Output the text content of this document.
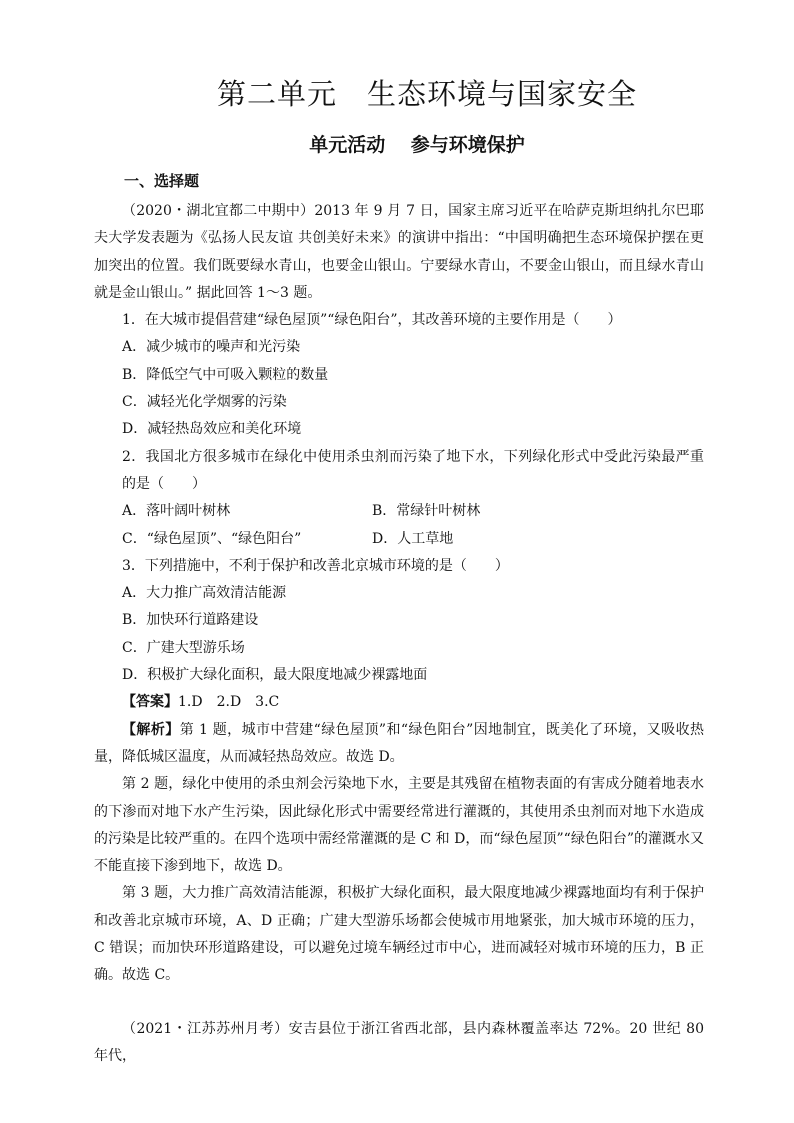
第二单元　生态环境与国家安全
单元活动　 参与环境保护
一、选择题

（2020・湖北宜都二中期中）2013 年 9 月 7 日，国家主席习近平在哈萨克斯坦纳扎尔巴耶夫大学发表题为《弘扬人民友谊 共创美好未来》的演讲中指出：“中国明确把生态环境保护摆在更加突出的位置。我们既要绿水青山，也要金山银山。宁要绿水青山，不要金山银山，而且绿水青山就是金山银山。” 据此回答 1～3 题。

1．在大城市提倡营建“绿色屋顶”“绿色阳台”，其改善环境的主要作用是（　　）

A．减少城市的噪声和光污染

B．降低空气中可吸入颗粒的数量

C．减轻光化学烟雾的污染

D．减轻热岛效应和美化环境

2．我国北方很多城市在绿化中使用杀虫剂而污染了地下水，下列绿化形式中受此污染最严重的是（　　）

A．落叶阔叶树林	B．常绿针叶树林
C．“绿色屋顶”、“绿色阳台”	D．人工草地

3．下列措施中，不利于保护和改善北京城市环境的是（　　）

A．大力推广高效清洁能源

B．加快环行道路建设

C．广建大型游乐场

D．积极扩大绿化面积，最大限度地减少裸露地面

【答案】1.D　2.D　3.C

【解析】第 1 题，城市中营建“绿色屋顶”和“绿色阳台”因地制宜，既美化了环境，又吸收热量，降低城区温度，从而减轻热岛效应。故选 D。

第 2 题，绿化中使用的杀虫剂会污染地下水，主要是其残留在植物表面的有害成分随着地表水的下渗而对地下水产生污染，因此绿化形式中需要经常进行灌溉的，其使用杀虫剂而对地下水造成的污染是比较严重的。在四个选项中需经常灌溉的是 C 和 D，而“绿色屋顶”“绿色阳台”的灌溉水又不能直接下渗到地下，故选 D。

第 3 题，大力推广高效清洁能源，积极扩大绿化面积，最大限度地减少裸露地面均有利于保护和改善北京城市环境，A、D 正确；广建大型游乐场都会使城市用地紧张，加大城市环境的压力，C 错误；而加快环形道路建设，可以避免过境车辆经过市中心，进而减轻对城市环境的压力，B 正确。故选 C。

（2021・江苏苏州月考）安吉县位于浙江省西北部，县内森林覆盖率达 72%。20 世纪 80 年代，
